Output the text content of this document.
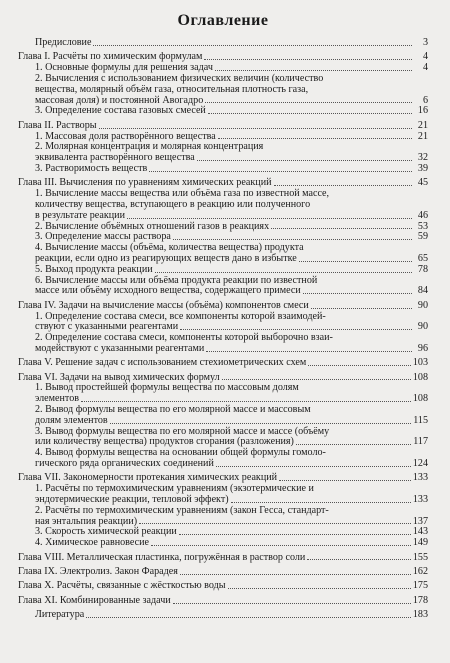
Оглавление
Предисловие	3
Глава I. Расчёты по химическим формулам	4
1. Основные формулы для решения задач	4
2. Вычисления с использованием физических величин (количество
вещества, молярный объём газа, относительная плотность газа,
массовая доля) и постоянной Авогадро	6
3. Определение состава газовых смесей	16
Глава II. Растворы	21
1. Массовая доля растворённого вещества	21
2. Молярная концентрация и молярная концентрация
эквивалента растворённого вещества	32
3. Растворимость веществ	39
Глава III. Вычисления по уравнениям химических реакций	45
1. Вычисление массы вещества или объёма газа по известной массе,
количеству вещества, вступающего в реакцию или полученного
в результате реакции	46
2. Вычисление объёмных отношений газов в реакциях	53
3. Определение массы раствора	59
4. Вычисление массы (объёма, количества вещества) продукта
реакции, если одно из реагирующих веществ дано в избытке	65
5. Выход продукта реакции	78
6. Вычисление массы или объёма продукта реакции по известной
массе или объёму исходного вещества, содержащего примеси	84
Глава IV. Задачи на вычисление массы (объёма) компонентов смеси	90
1. Определение состава смеси, все компоненты которой взаимодей-
ствуют с указанными реагентами	90
2. Определение состава смеси, компоненты которой выборочно взаи-
модействуют с указанными реагентами	96
Глава V. Решение задач с использованием стехиометрических схем	103
Глава VI. Задачи на вывод химических формул	108
1. Вывод простейшей формулы вещества по массовым долям
элементов	108
2. Вывод формулы вещества по его молярной массе и массовым
долям элементов	115
3. Вывод формулы вещества по его молярной массе и массе (объёму
или количеству вещества) продуктов сгорания (разложения)	117
4. Вывод формулы вещества на основании общей формулы гомоло-
гического ряда органических соединений	124
Глава VII. Закономерности протекания химических реакций	133
1. Расчёты по термохимическим уравнениям (экзотермические и
эндотермические реакции, тепловой эффект)	133
2. Расчёты по термохимическим уравнениям (закон Гесса, стандарт-
ная энтальпия реакции)	137
3. Скорость химической реакции	143
4. Химическое равновесие	149
Глава VIII. Металлическая пластинка, погружённая в раствор соли	155
Глава IX. Электролиз. Закон Фарадея	162
Глава X. Расчёты, связанные с жёсткостью воды	175
Глава XI. Комбинированные задачи	178
Литература	183
